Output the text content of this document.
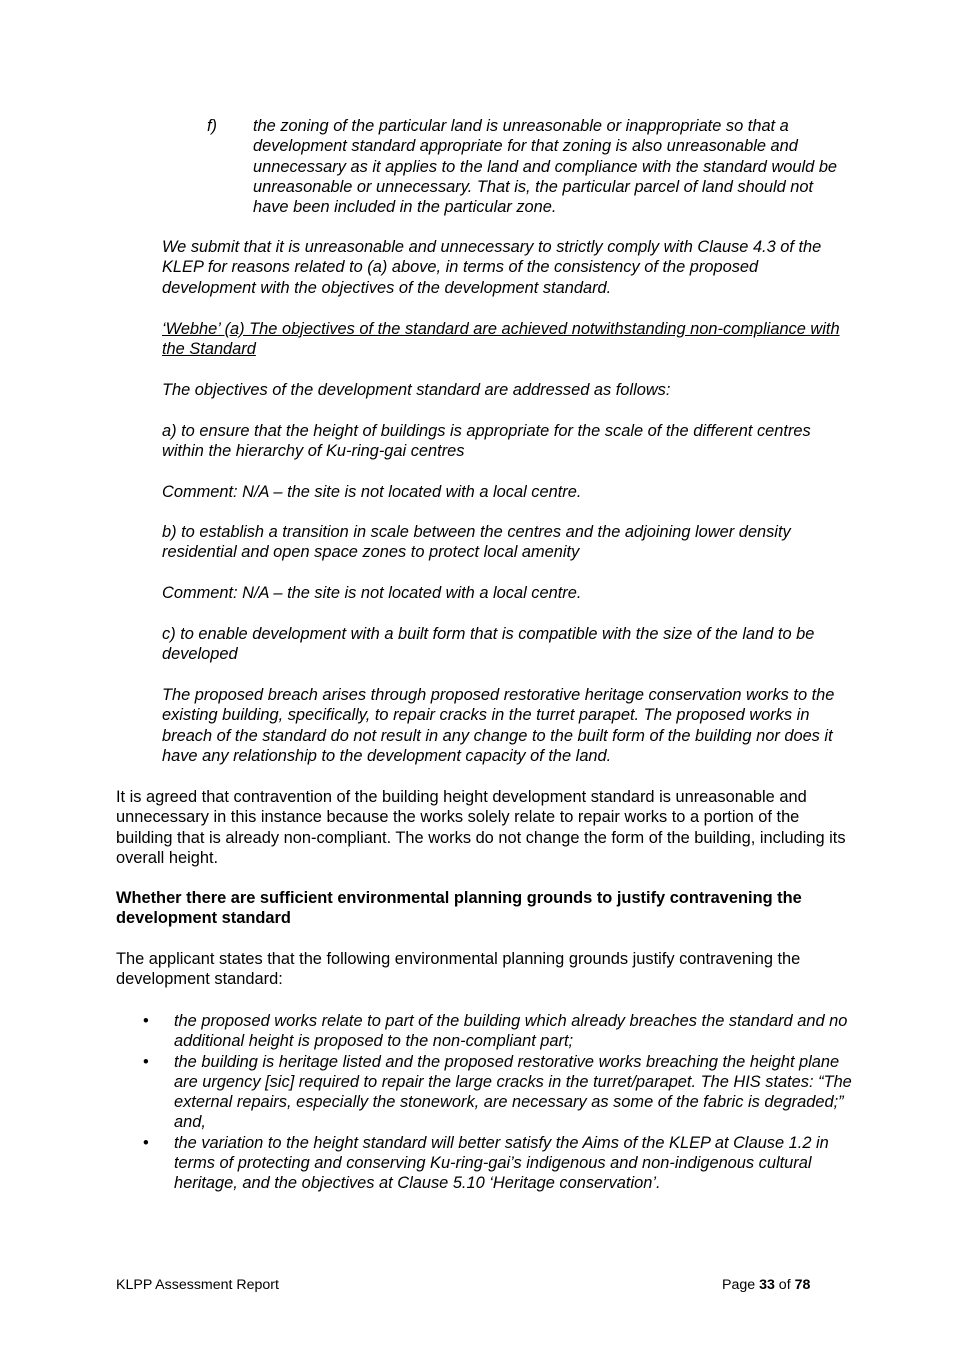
f) the zoning of the particular land is unreasonable or inappropriate so that a development standard appropriate for that zoning is also unreasonable and unnecessary as it applies to the land and compliance with the standard would be unreasonable or unnecessary. That is, the particular parcel of land should not have been included in the particular zone.

We submit that it is unreasonable and unnecessary to strictly comply with Clause 4.3 of the KLEP for reasons related to (a) above, in terms of the consistency of the proposed development with the objectives of the development standard.

‘Webhe’ (a) The objectives of the standard are achieved notwithstanding non-compliance with the Standard

The objectives of the development standard are addressed as follows:

a) to ensure that the height of buildings is appropriate for the scale of the different centres within the hierarchy of Ku-ring-gai centres

Comment: N/A – the site is not located with a local centre.

b) to establish a transition in scale between the centres and the adjoining lower density residential and open space zones to protect local amenity

Comment: N/A – the site is not located with a local centre.

c) to enable development with a built form that is compatible with the size of the land to be developed

The proposed breach arises through proposed restorative heritage conservation works to the existing building, specifically, to repair cracks in the turret parapet. The proposed works in breach of the standard do not result in any change to the built form of the building nor does it have any relationship to the development capacity of the land.

It is agreed that contravention of the building height development standard is unreasonable and unnecessary in this instance because the works solely relate to repair works to a portion of the building that is already non-compliant. The works do not change the form of the building, including its overall height.

Whether there are sufficient environmental planning grounds to justify contravening the development standard

The applicant states that the following environmental planning grounds justify contravening the development standard:

• the proposed works relate to part of the building which already breaches the standard and no additional height is proposed to the non-compliant part;
• the building is heritage listed and the proposed restorative works breaching the height plane are urgency [sic] required to repair the large cracks in the turret/parapet. The HIS states: “The external repairs, especially the stonework, are necessary as some of the fabric is degraded;” and,
• the variation to the height standard will better satisfy the Aims of the KLEP at Clause 1.2 in terms of protecting and conserving Ku-ring-gai’s indigenous and non-indigenous cultural heritage, and the objectives at Clause 5.10 ‘Heritage conservation’.
KLPP Assessment Report	Page 33 of 78
